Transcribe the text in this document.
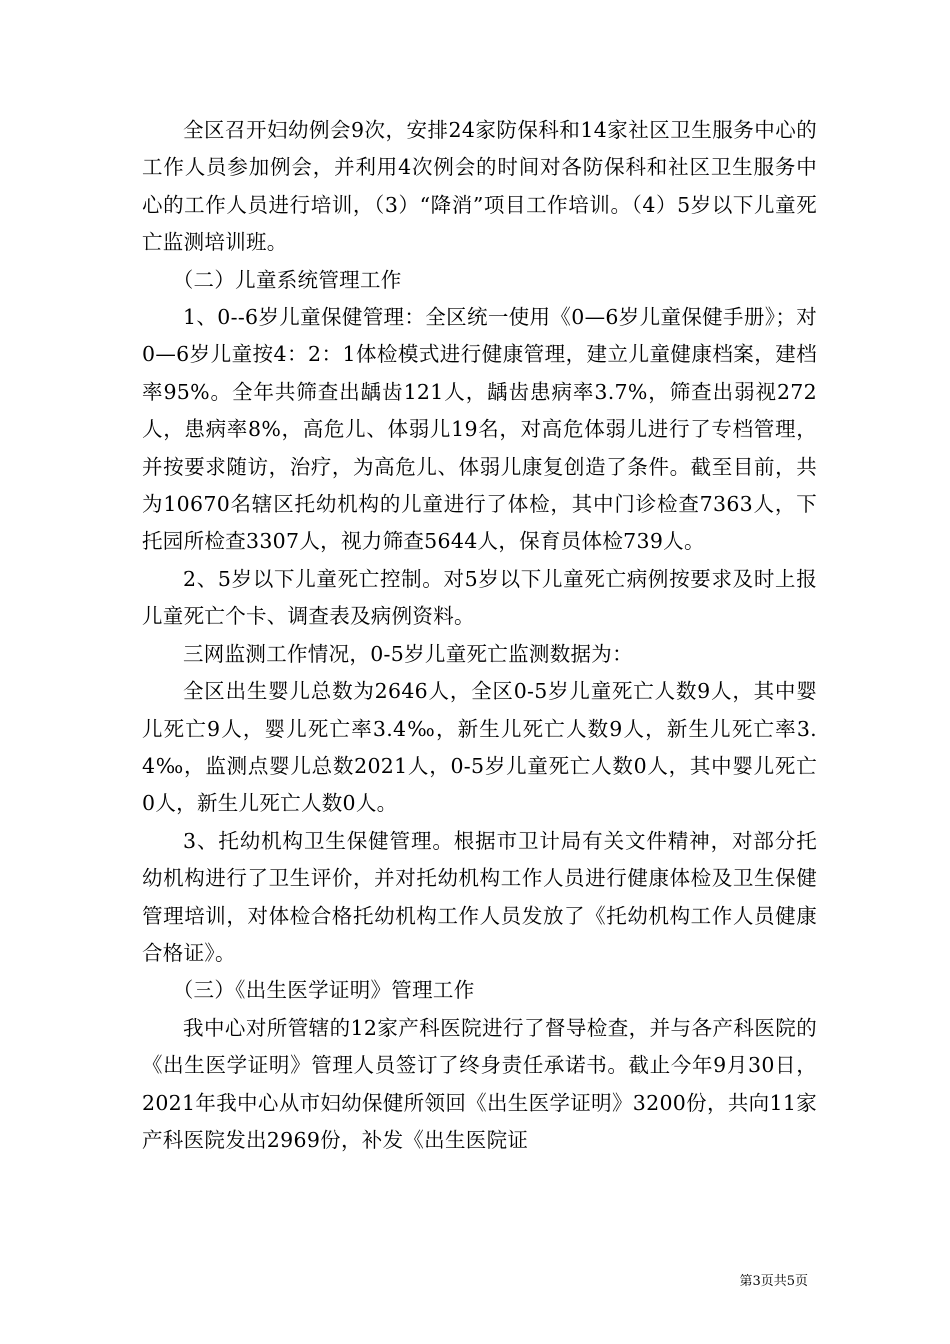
全区召开妇幼例会9次，安排24家防保科和14家社区卫生服务中心的工作人员参加例会，并利用4次例会的时间对各防保科和社区卫生服务中心的工作人员进行培训，（3）“降消”项目工作培训。（4）5岁以下儿童死亡监测培训班。

（二）儿童系统管理工作

1、0--6岁儿童保健管理：全区统一使用《0—6岁儿童保健手册》；对0—6岁儿童按4：2：1体检模式进行健康管理，建立儿童健康档案，建档率95%。全年共筛查出龋齿121人，龋齿患病率3.7%，筛查出弱视272人，患病率8%，高危儿、体弱儿19名，对高危体弱儿进行了专档管理，并按要求随访，治疗，为高危儿、体弱儿康复创造了条件。截至目前，共为10670名辖区托幼机构的儿童进行了体检，其中门诊检查7363人，下托园所检查3307人，视力筛查5644人，保育员体检739人。

2、5岁以下儿童死亡控制。对5岁以下儿童死亡病例按要求及时上报儿童死亡个卡、调查表及病例资料。

三网监测工作情况，0-5岁儿童死亡监测数据为：

全区出生婴儿总数为2646人，全区0-5岁儿童死亡人数9人，其中婴儿死亡9人，婴儿死亡率3.4‰，新生儿死亡人数9人，新生儿死亡率3.4‰，监测点婴儿总数2021人，0-5岁儿童死亡人数0人，其中婴儿死亡0人，新生儿死亡人数0人。

3、托幼机构卫生保健管理。根据市卫计局有关文件精神，对部分托幼机构进行了卫生评价，并对托幼机构工作人员进行健康体检及卫生保健管理培训，对体检合格托幼机构工作人员发放了《托幼机构工作人员健康合格证》。

（三）《出生医学证明》管理工作

我中心对所管辖的12家产科医院进行了督导检查，并与各产科医院的《出生医学证明》管理人员签订了终身责任承诺书。截止今年9月30日，2021年我中心从市妇幼保健所领回《出生医学证明》3200份，共向11家产科医院发出2969份，补发《出生医院证

第3页共5页
